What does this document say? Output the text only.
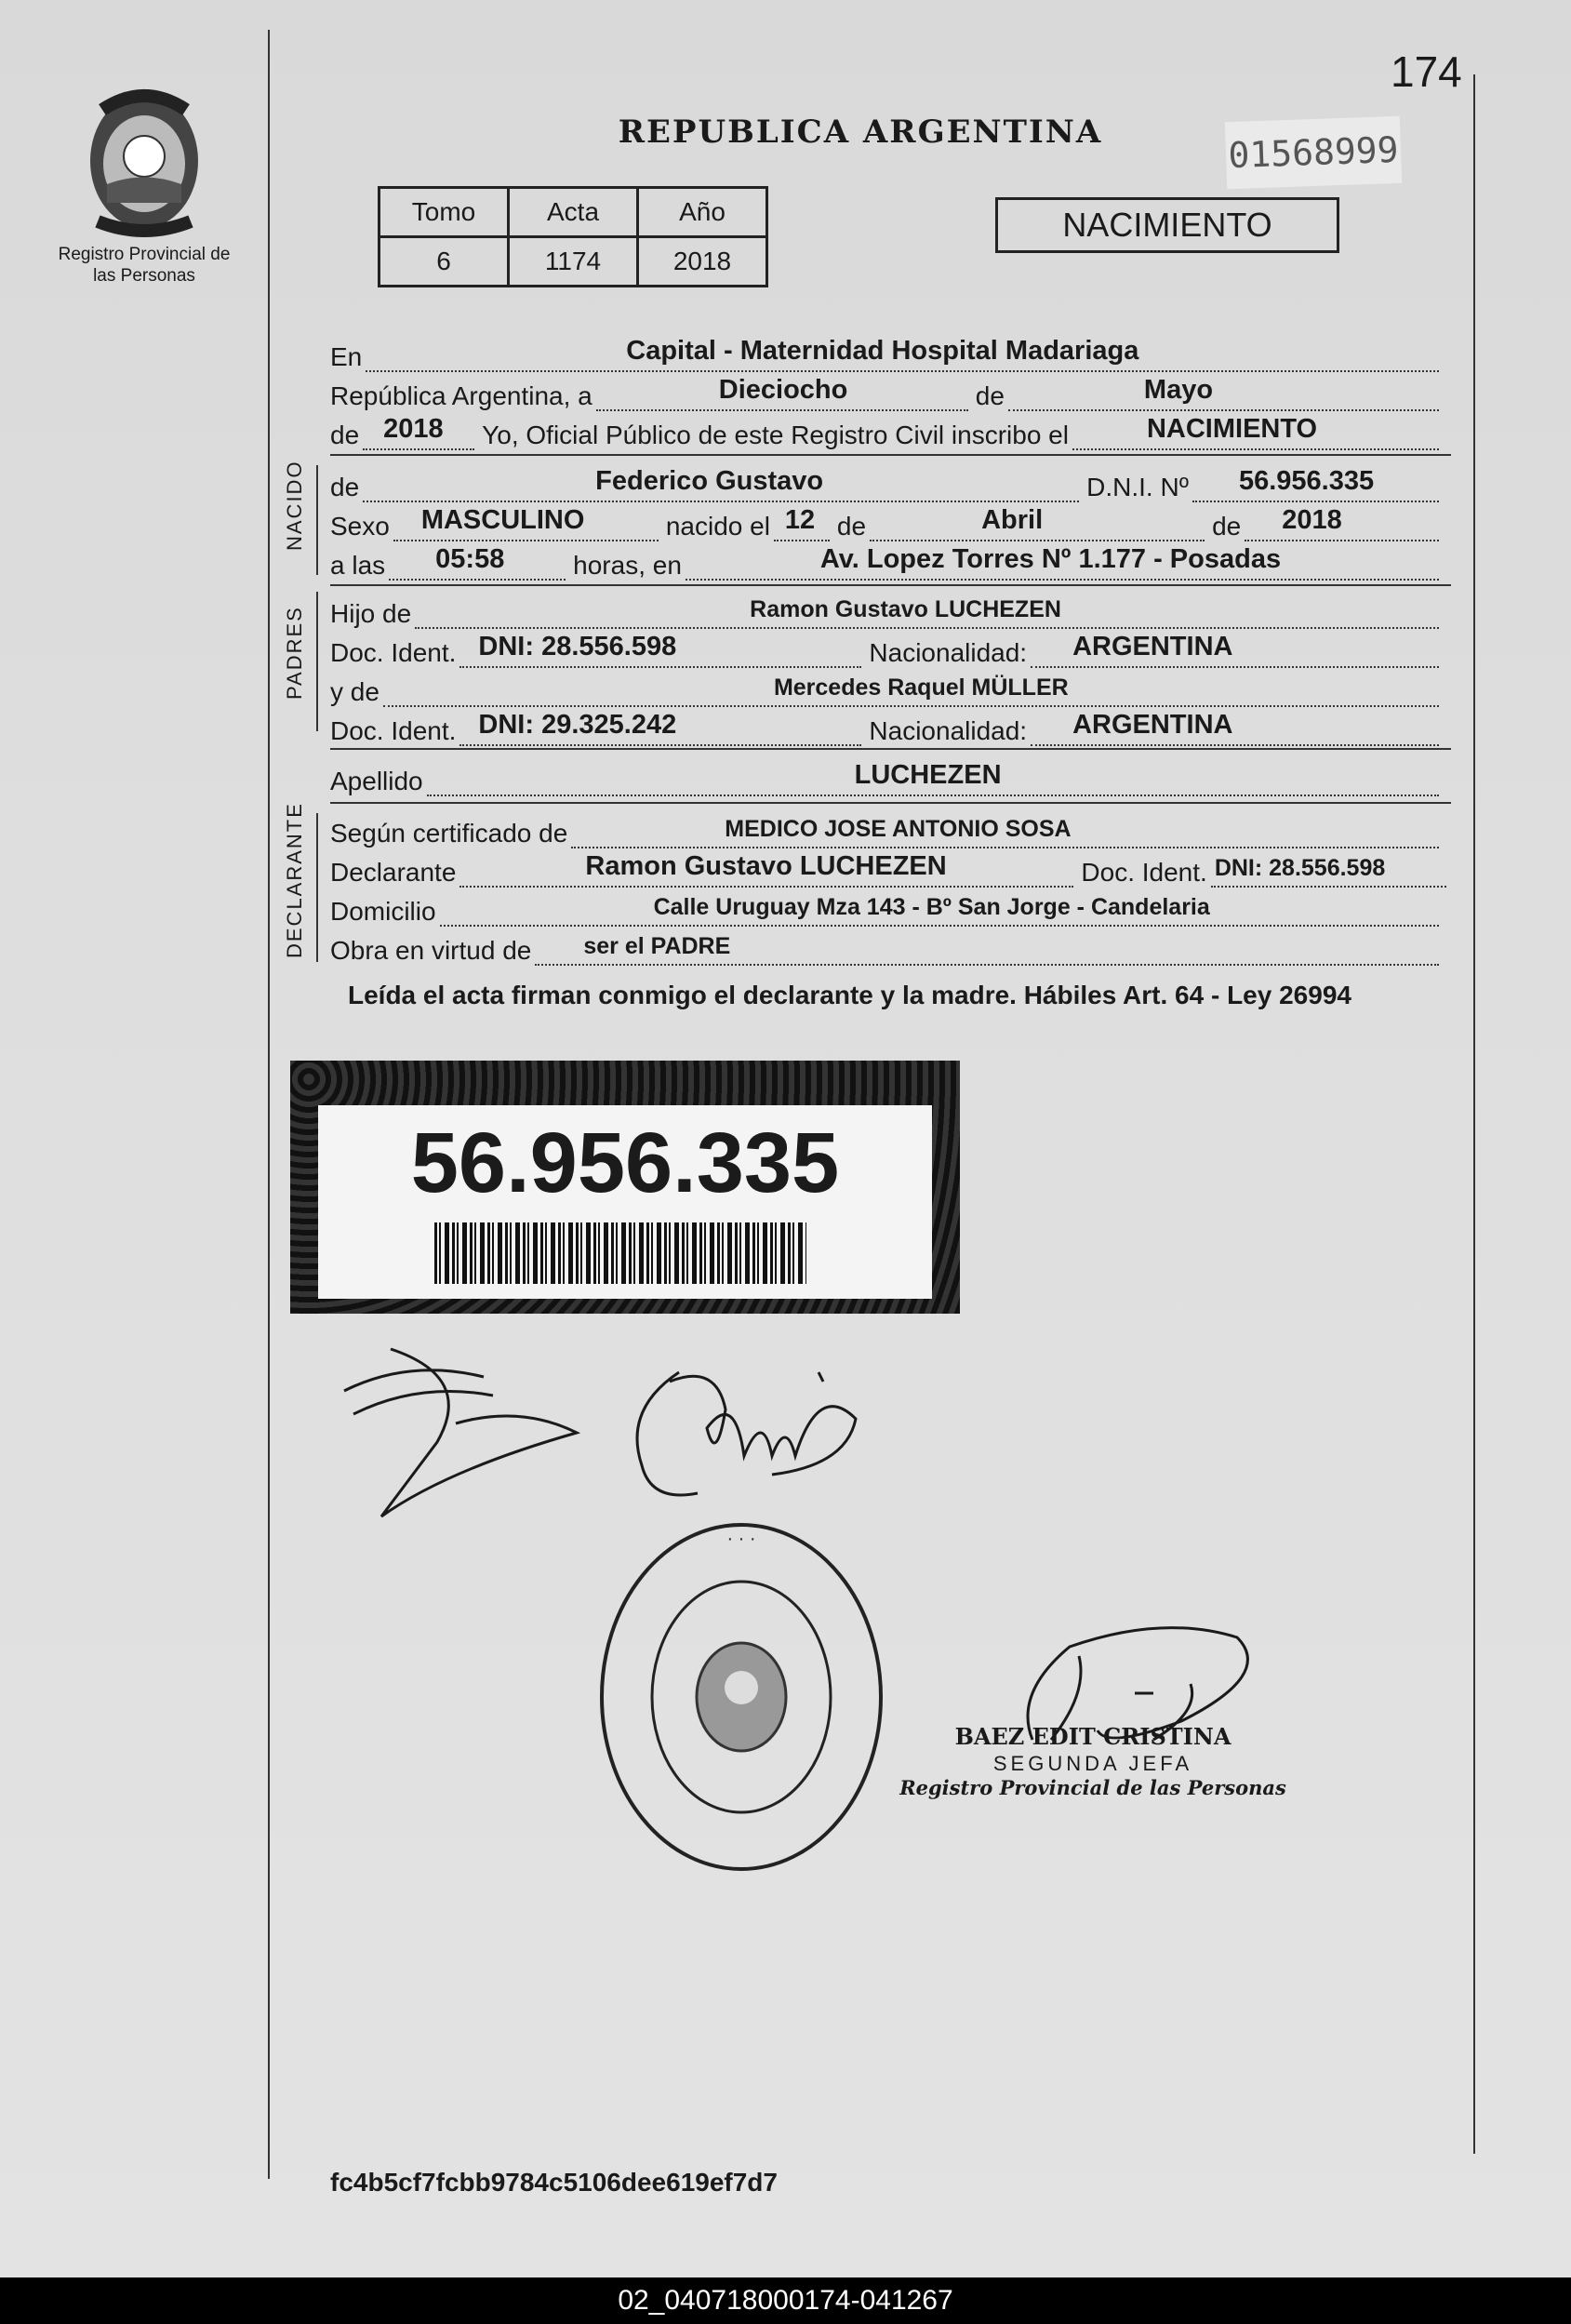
Registro Provincial de las Personas
174
01568999
REPUBLICA ARGENTINA
Tomo	Acta	Año
6	1174	2018
NACIMIENTO
En	Capital - Maternidad Hospital Madariaga
República Argentina, a	Dieciocho	de	Mayo
de 2018 Yo, Oficial Público de este Registro Civil inscribo el	NACIMIENTO
NACIDO de	Federico Gustavo	D.N.I. Nº 56.956.335
Sexo MASCULINO	nacido el 12 de	Abril	de 2018
a las 05:58	horas, en	Av. Lopez Torres Nº 1.177 - Posadas
PADRES Hijo de	Ramon Gustavo LUCHEZEN
Doc. Ident. DNI: 28.556.598	Nacionalidad: ARGENTINA
y de	Mercedes Raquel MÜLLER
Doc. Ident. DNI: 29.325.242	Nacionalidad: ARGENTINA
Apellido	LUCHEZEN
DECLARANTE Según certificado de	MEDICO JOSE ANTONIO SOSA
Declarante	Ramon Gustavo LUCHEZEN	Doc. Ident. DNI: 28.556.598
Domicilio	Calle Uruguay Mza 143 - Bº San Jorge - Candelaria
Obra en virtud de ser el PADRE
Leída el acta firman conmigo el declarante y la madre. Hábiles Art. 64 - Ley 26994
56.956.335
· · ·
BAEZ EDIT CRISTINA
SEGUNDA JEFA
Registro Provincial de las Personas
fc4b5cf7fcbb9784c5106dee619ef7d7
02_040718000174-041267
